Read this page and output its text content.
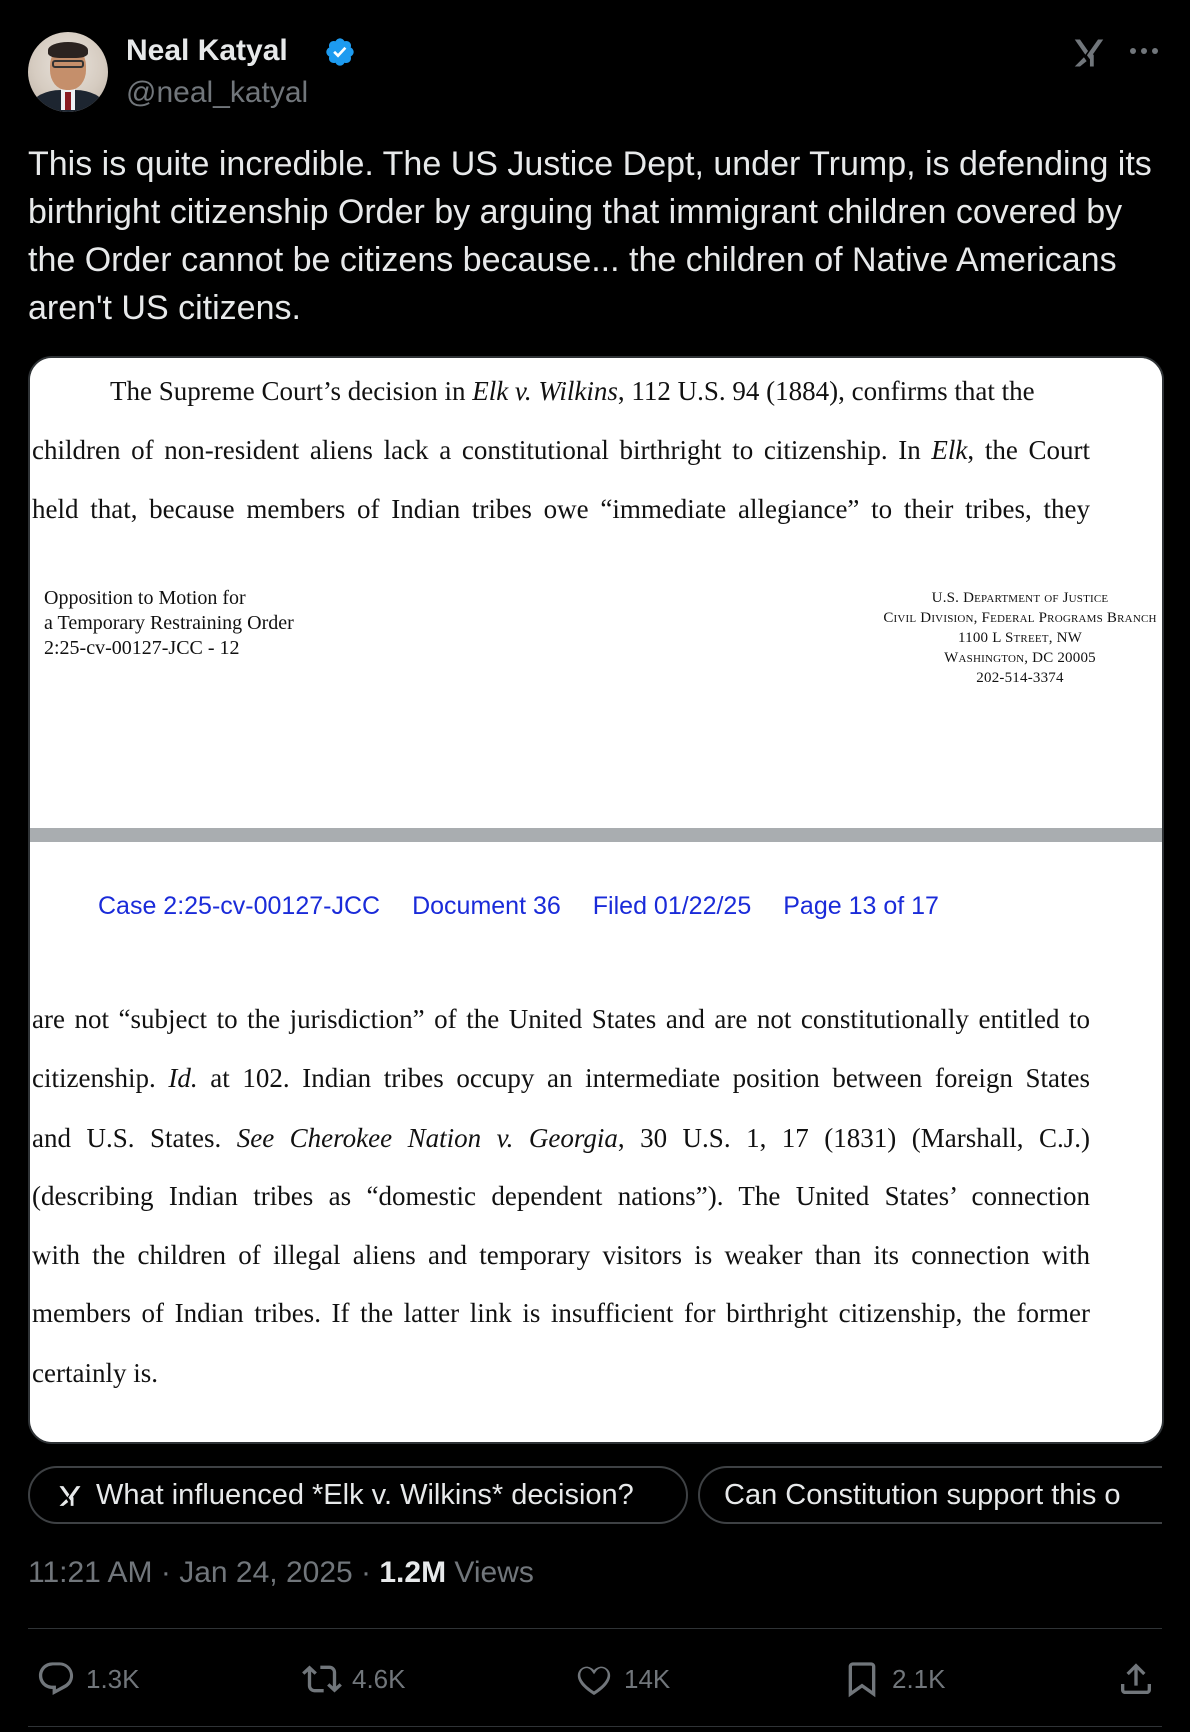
Neal Katyal
@neal_katyal
This is quite incredible. The US Justice Dept, under Trump, is defending its birthright citizenship Order by arguing that immigrant children covered by the Order cannot be citizens because... the children of Native Americans aren't US citizens.
The Supreme Court’s decision in Elk v. Wilkins, 112 U.S. 94 (1884), confirms that the
children of non-resident aliens lack a constitutional birthright to citizenship. In Elk, the Court
held that, because members of Indian tribes owe “immediate allegiance” to their tribes, they
Opposition to Motion for
a Temporary Restraining Order
2:25-cv-00127-JCC - 12
U.S. Department of Justice
Civil Division, Federal Programs Branch
1100 L Street, NW
Washington, DC 20005
202-514-3374
Case 2:25-cv-00127-JCC Document 36 Filed 01/22/25 Page 13 of 17
are not “subject to the jurisdiction” of the United States and are not constitutionally entitled to
citizenship. Id. at 102. Indian tribes occupy an intermediate position between foreign States
and U.S. States. See Cherokee Nation v. Georgia, 30 U.S. 1, 17 (1831) (Marshall, C.J.)
(describing Indian tribes as “domestic dependent nations”). The United States’ connection
with the children of illegal aliens and temporary visitors is weaker than its connection with
members of Indian tribes. If the latter link is insufficient for birthright citizenship, the former
certainly is.
What influenced *Elk v. Wilkins* decision?	Can Constitution support this o
11:21 AM · Jan 24, 2025 · 1.2M Views
1.3K	4.6K	14K	2.1K
